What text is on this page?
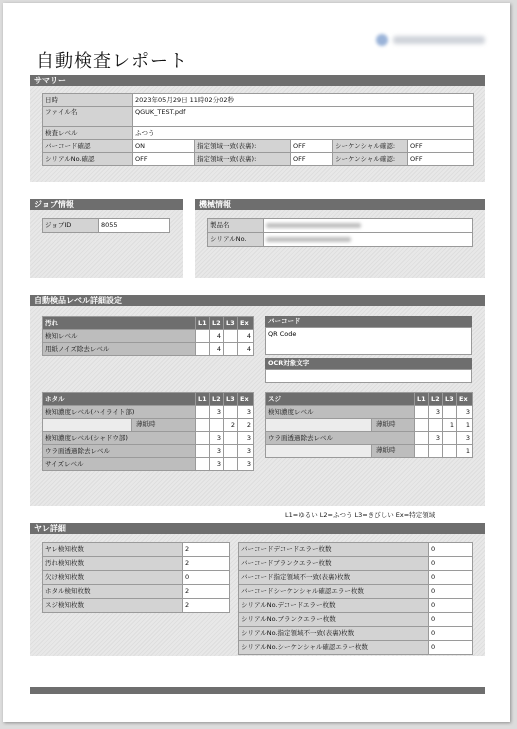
自動検査レポート
サマリー
日時	2023年05月29日 11時02分02秒				
ファイル名	QGUK_TEST.pdf				
検査レベル	ふつう				
バーコード確認	ON	指定領域一致(表裏):	OFF	シーケンシャル確認:	OFF
シリアルNo.確認	OFF	指定領域一致(表裏):	OFF	シーケンシャル確認:	OFF
ジョブ情報
ジョブID	8055
機械情報
製品名	
シリアルNo.	
自動検品レベル詳細設定
汚れ	L1	L2	L3	Ex
検知レベル		4		4
用紙ノイズ除去レベル		4		4
バーコード
QR Code
OCR対象文字
ホタル	L1	L2	L3	Ex
検知濃度レベル(ハイライト部)		3		3

薄紙時			2	2
検知濃度レベル(シャドウ部)		3		3
ウラ面透過除去レベル		3		3
サイズレベル		3		3
スジ	L1	L2	L3	Ex
検知濃度レベル		3		3

薄紙時			1	1
ウラ面透過除去レベル		3		3

薄紙時				1
L1=ゆるい L2=ふつう L3=きびしい Ex=特定領域
ヤレ詳細
ヤレ検知枚数	2
汚れ検知枚数	2
欠け検知枚数	0
ホタル検知枚数	2
スジ検知枚数	2
バーコードデコードエラー枚数	0
バーコードブランクエラー枚数	0
バーコード指定領域不一致(表裏)枚数	0
バーコードシーケンシャル確認エラー枚数	0
シリアルNo.デコードエラー枚数	0
シリアルNo.ブランクエラー枚数	0
シリアルNo.指定領域不一致(表裏)枚数	0
シリアルNo.シーケンシャル確認エラー枚数	0
